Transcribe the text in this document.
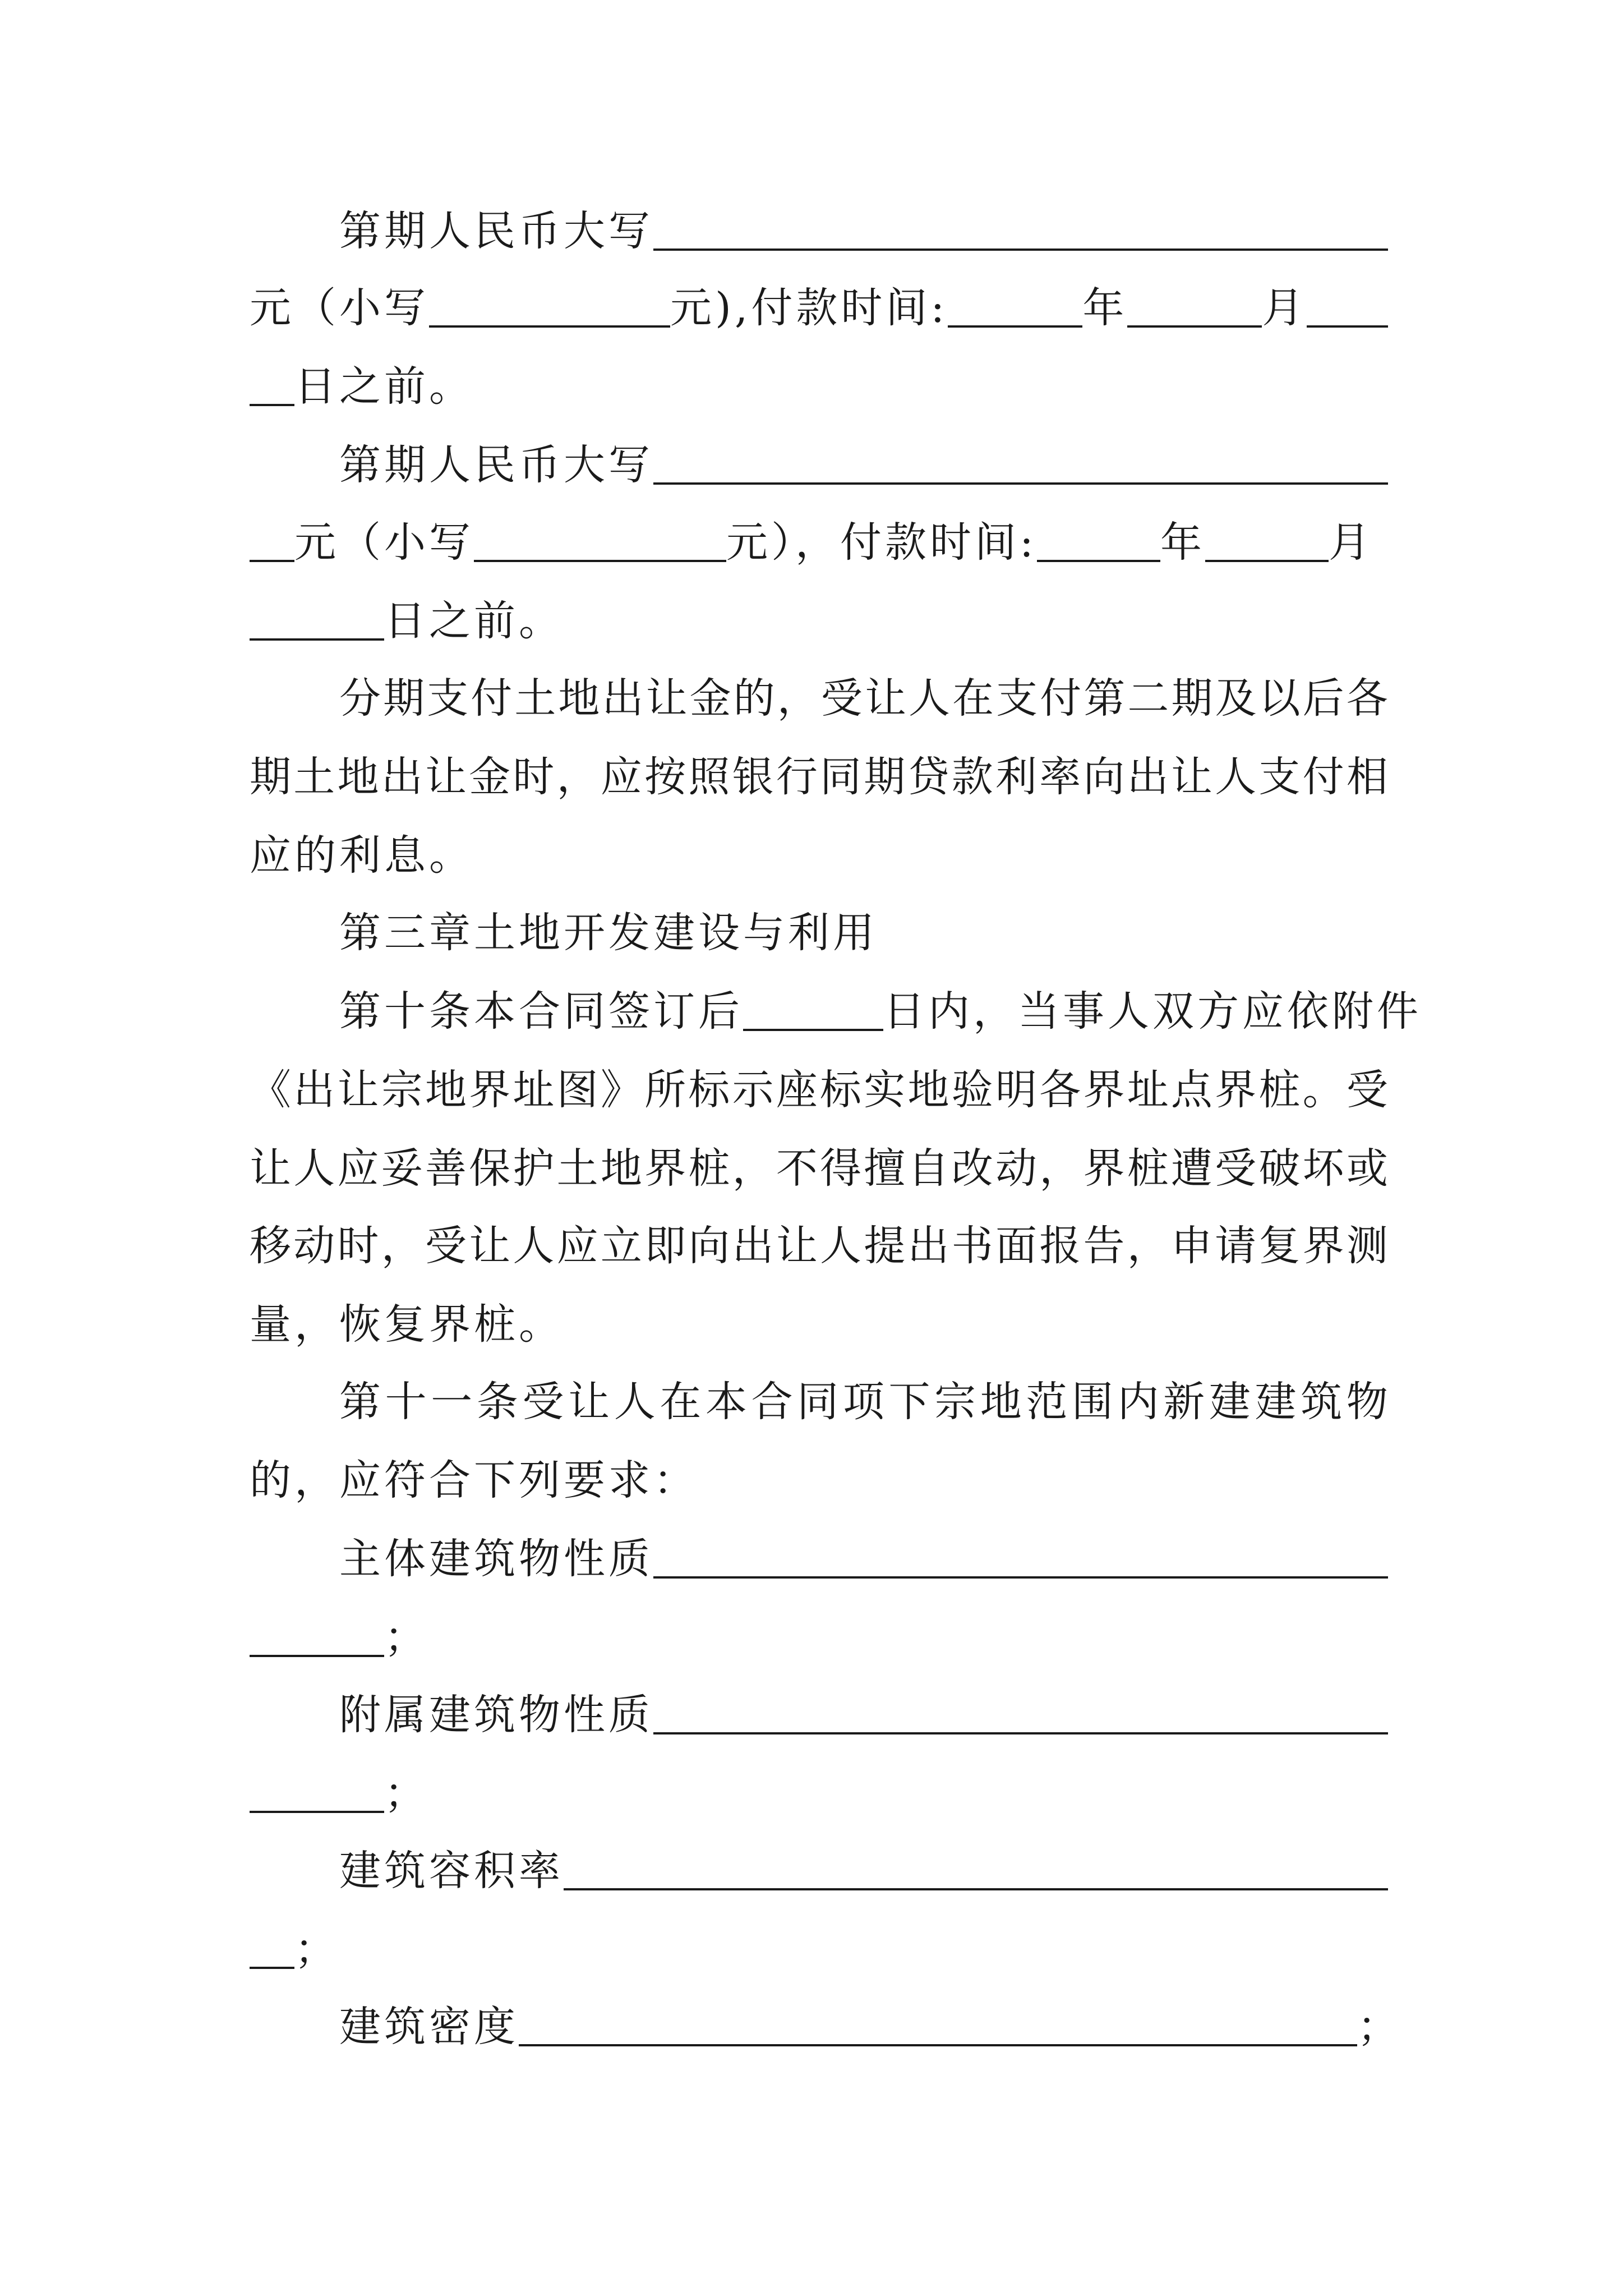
第期人民币大写
元（小写	元),付款时间:	年	月
日之前。
第期人民币大写
元（小写	元），付款时间:	年	月
日之前。
分 期 支 付 土 地 出 让 金 的 ， 受 让 人 在 支 付 第 二 期 及 以 后 各
期 土 地 出 让 金 时 ， 应 按 照 银 行 同 期 贷 款 利 率 向 出 让 人 支 付 相
应的利息。
第三章土地开发建设与利用
第十条本合同签订后	日内，当事人双方应依附件
《 出 让 宗 地 界 址 图 》 所 标 示 座 标 实 地 验 明 各 界 址 点 界 桩 。 受
让 人 应 妥 善 保 护 土 地 界 桩 ， 不 得 擅 自 改 动 ， 界 桩 遭 受 破 坏 或
移 动 时 ， 受 让 人 应 立 即 向 出 让 人 提 出 书 面 报 告 ， 申 请 复 界 测
量，恢复界桩。
第 十 一 条 受 让 人 在 本 合 同 项 下 宗 地 范 围 内 新 建 建 筑 物
的，应符合下列要求：
主体建筑物性质
；
附属建筑物性质
；
建筑容积率
；
建筑密度	；
